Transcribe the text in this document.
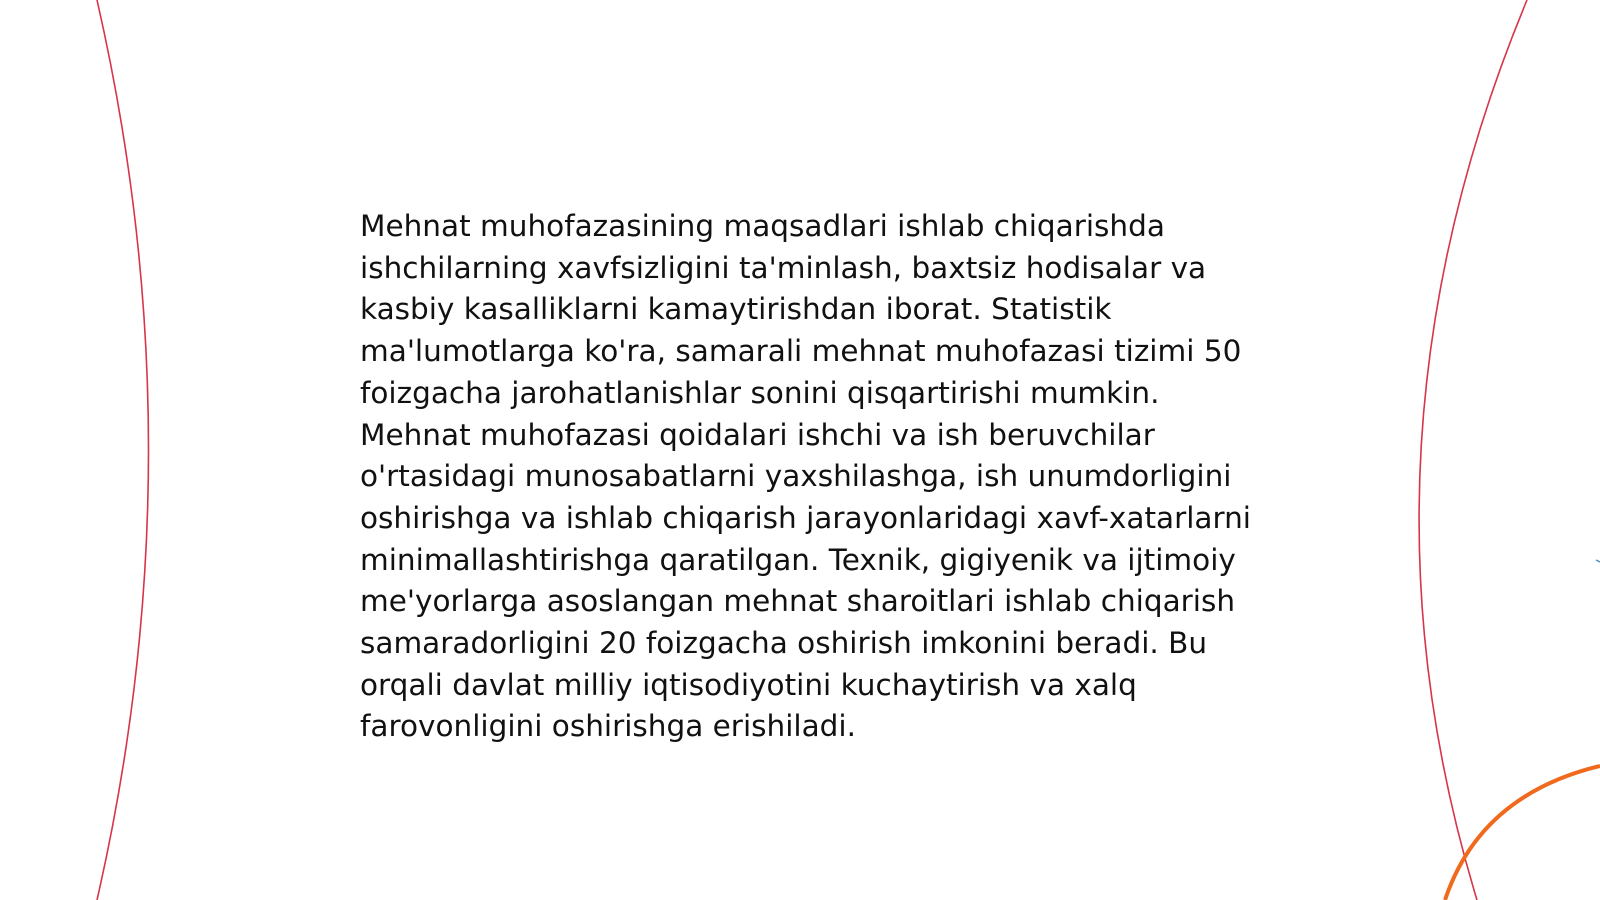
Mehnat muhofazasining maqsadlari ishlab chiqarishda ishchilarning xavfsizligini ta'minlash, baxtsiz hodisalar va kasbiy kasalliklarni kamaytirishdan iborat. Statistik ma'lumotlarga ko'ra, samarali mehnat muhofazasi tizimi 50 foizgacha jarohatlanishlar sonini qisqartirishi mumkin. Mehnat muhofazasi qoidalari ishchi va ish beruvchilar o'rtasidagi munosabatlarni yaxshilashga, ish unumdorligini oshirishga va ishlab chiqarish jarayonlaridagi xavf-xatarlarni minimallashtirishga qaratilgan. Texnik, gigiyenik va ijtimoiy me'yorlarga asoslangan mehnat sharoitlari ishlab chiqarish samaradorligini 20 foizgacha oshirish imkonini beradi. Bu orqali davlat milliy iqtisodiyotini kuchaytirish va xalq farovonligini oshirishga erishiladi.
